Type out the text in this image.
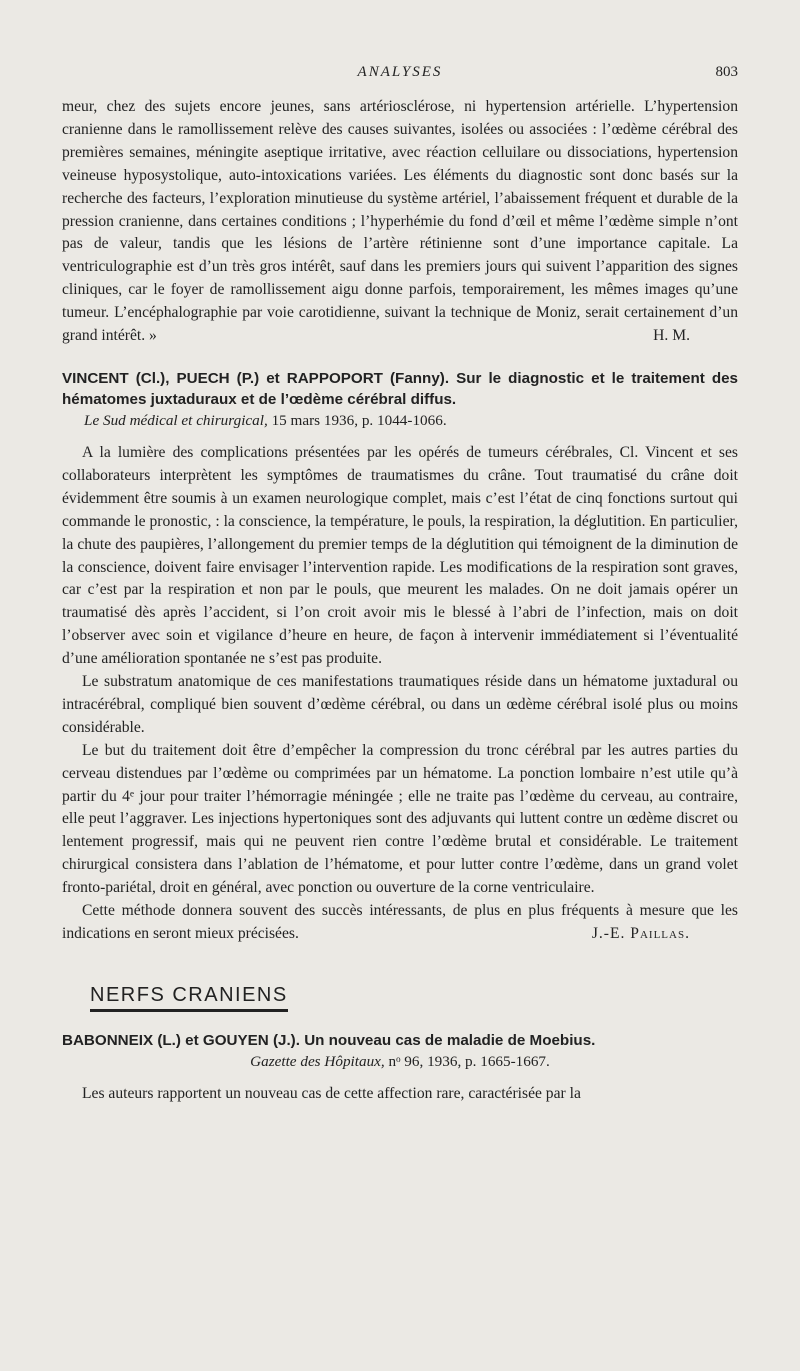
ANALYSES	803

meur, chez des sujets encore jeunes, sans artériosclérose, ni hypertension artérielle. L’hypertension cranienne dans le ramollissement relève des causes suivantes, isolées ou associées : l’œdème cérébral des premières semaines, méningite aseptique irritative, avec réaction celluilare ou dissociations, hypertension veineuse hyposystolique, auto-intoxications variées. Les éléments du diagnostic sont donc basés sur la recherche des facteurs, l’exploration minutieuse du système artériel, l’abaissement fréquent et durable de la pression cranienne, dans certaines conditions ; l’hyperhémie du fond d’œil et même l’œdème simple n’ont pas de valeur, tandis que les lésions de l’artère rétinienne sont d’une importance capitale. La ventriculographie est d’un très gros intérêt, sauf dans les premiers jours qui suivent l’apparition des signes cliniques, car le foyer de ramollissement aigu donne parfois, temporairement, les mêmes images qu’une tumeur. L’encéphalographie par voie carotidienne, suivant la technique de Moniz, serait certainement d’un grand intérêt. »	H. M.

VINCENT (Cl.), PUECH (P.) et RAPPOPORT (Fanny). Sur le diagnostic et le traitement des hématomes juxtaduraux et de l’œdème cérébral diffus.
Le Sud médical et chirurgical, 15 mars 1936, p. 1044-1066.

A la lumière des complications présentées par les opérés de tumeurs cérébrales, Cl. Vincent et ses collaborateurs interprètent les symptômes de traumatismes du crâne. Tout traumatisé du crâne doit évidemment être soumis à un examen neurologique complet, mais c’est l’état de cinq fonctions surtout qui commande le pronostic, : la conscience, la température, le pouls, la respiration, la déglutition. En particulier, la chute des paupières, l’allongement du premier temps de la déglutition qui témoignent de la diminution de la conscience, doivent faire envisager l’intervention rapide. Les modifications de la respiration sont graves, car c’est par la respiration et non par le pouls, que meurent les malades. On ne doit jamais opérer un traumatisé dès après l’accident, si l’on croit avoir mis le blessé à l’abri de l’infection, mais on doit l’observer avec soin et vigilance d’heure en heure, de façon à intervenir immédiatement si l’éventualité d’une amélioration spontanée ne s’est pas produite.

Le substratum anatomique de ces manifestations traumatiques réside dans un hématome juxtadural ou intracérébral, compliqué bien souvent d’œdème cérébral, ou dans un œdème cérébral isolé plus ou moins considérable.

Le but du traitement doit être d’empêcher la compression du tronc cérébral par les autres parties du cerveau distendues par l’œdème ou comprimées par un hématome. La ponction lombaire n’est utile qu’à partir du 4ᵉ jour pour traiter l’hémorragie méningée ; elle ne traite pas l’œdème du cerveau, au contraire, elle peut l’aggraver. Les injections hypertoniques sont des adjuvants qui luttent contre un œdème discret ou lentement progressif, mais qui ne peuvent rien contre l’œdème brutal et considérable. Le traitement chirurgical consistera dans l’ablation de l’hématome, et pour lutter contre l’œdème, dans un grand volet fronto-pariétal, droit en général, avec ponction ou ouverture de la corne ventriculaire.

Cette méthode donnera souvent des succès intéressants, de plus en plus fréquents à mesure que les indications en seront mieux précisées.	J.-E. Paillas.

NERFS CRANIENS
BABONNEIX (L.) et GOUYEN (J.). Un nouveau cas de maladie de Moebius.
Gazette des Hôpitaux, nᵒ 96, 1936, p. 1665-1667.

Les auteurs rapportent un nouveau cas de cette affection rare, caractérisée par la
